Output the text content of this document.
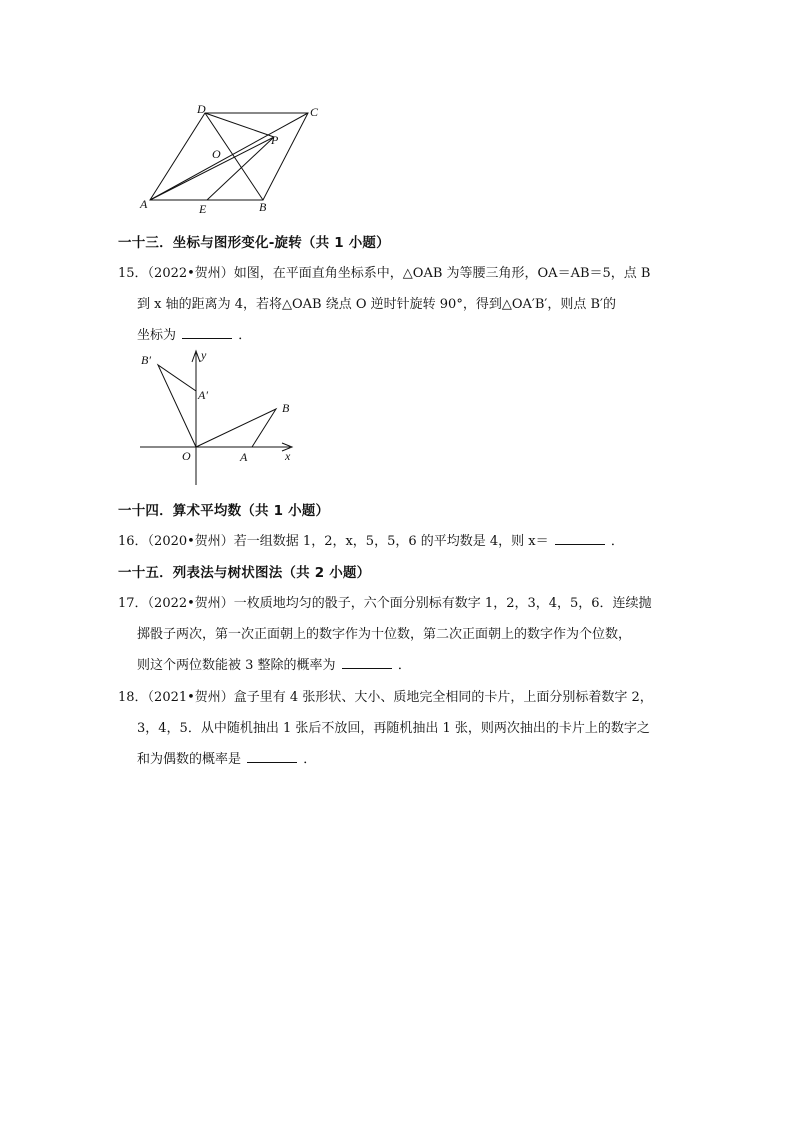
D	C
O
P
A	E	B
一十三．坐标与图形变化-旋转（共 1 小题）
15．（2022•贺州）如图，在平面直角坐标系中，△OAB 为等腰三角形，OA＝AB＝5，点 B
到 x 轴的距离为 4，若将△OAB 绕点 O 逆时针旋转 90°，得到△OA′B′，则点 B′的
坐标为	．
B′	y
A′
B
O	A	x
一十四．算术平均数（共 1 小题）
16．（2020•贺州）若一组数据 1，2，x，5，5，6 的平均数是 4，则 x＝	．
一十五．列表法与树状图法（共 2 小题）
17．（2022•贺州）一枚质地均匀的骰子，六个面分别标有数字 1，2，3，4，5，6．连续抛
掷骰子两次，第一次正面朝上的数字作为十位数，第二次正面朝上的数字作为个位数，
则这个两位数能被 3 整除的概率为	．
18．（2021•贺州）盒子里有 4 张形状、大小、质地完全相同的卡片，上面分别标着数字 2，
3，4，5．从中随机抽出 1 张后不放回，再随机抽出 1 张，则两次抽出的卡片上的数字之
和为偶数的概率是	．
